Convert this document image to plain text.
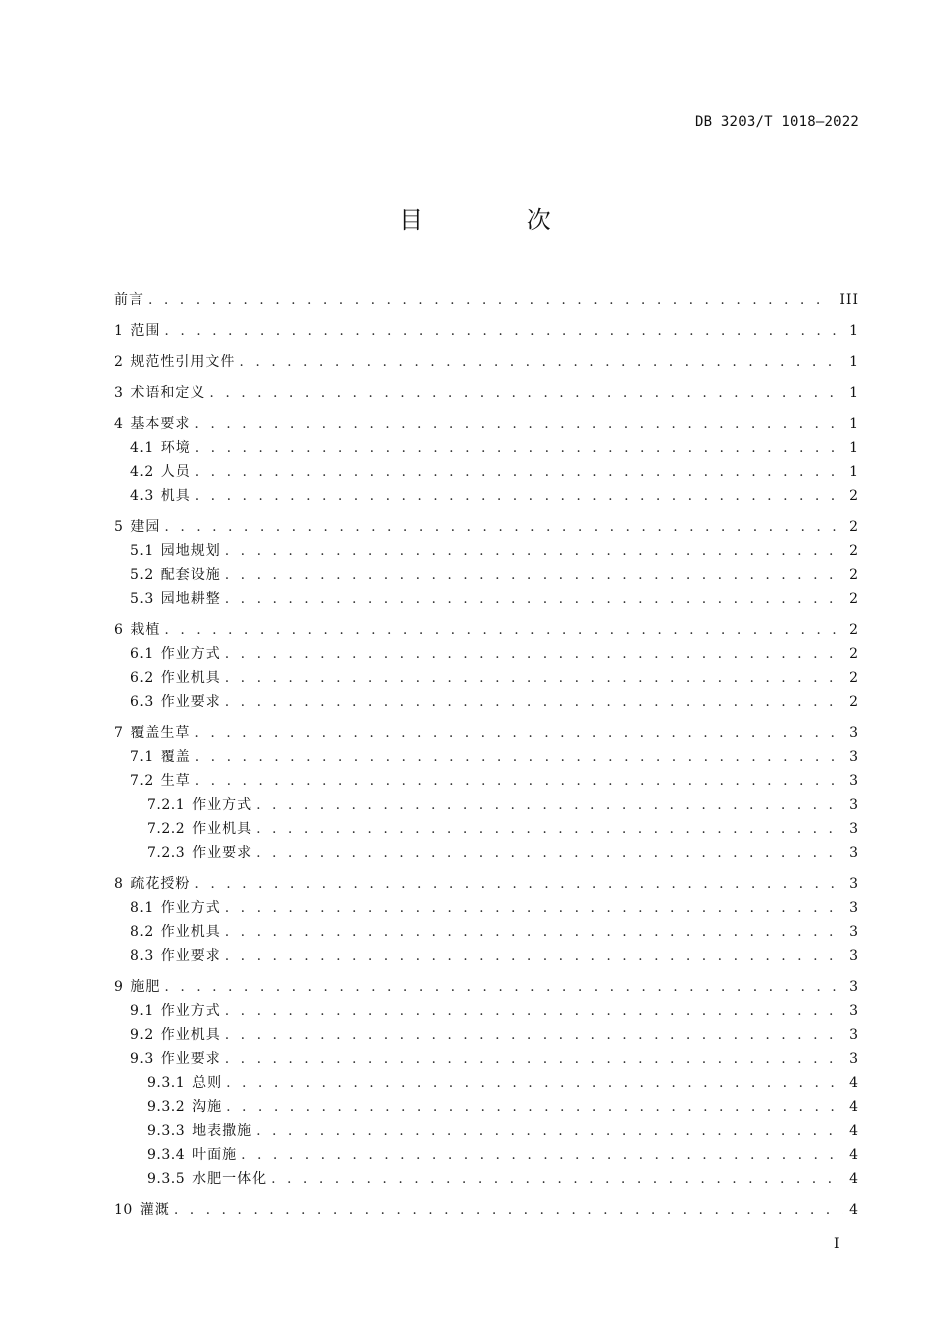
DB 3203/T 1018—2022
目 次
前言 . . .	III
1 范围 . . .	1
2 规范性引用文件 . . .	1
3 术语和定义 . . .	1
4 基本要求 . . .	1
4.1 环境 . . .	1
4.2 人员 . . .	1
4.3 机具 . . .	2
5 建园 . . .	2
5.1 园地规划 . . .	2
5.2 配套设施 . . .	2
5.3 园地耕整 . . .	2
6 栽植 . . .	2
6.1 作业方式 . . .	2
6.2 作业机具 . . .	2
6.3 作业要求 . . .	2
7 覆盖生草 . . .	3
7.1 覆盖 . . .	3
7.2 生草 . . .	3
7.2.1 作业方式 . . .	3
7.2.2 作业机具 . . .	3
7.2.3 作业要求 . . .	3
8 疏花授粉 . . .	3
8.1 作业方式 . . .	3
8.2 作业机具 . . .	3
8.3 作业要求 . . .	3
9 施肥 . . .	3
9.1 作业方式 . . .	3
9.2 作业机具 . . .	3
9.3 作业要求 . . .	3
9.3.1 总则 . . .	4
9.3.2 沟施 . . .	4
9.3.3 地表撒施 . . .	4
9.3.4 叶面施 . . .	4
9.3.5 水肥一体化 . . .	4
10 灌溉 . . .	4
I
